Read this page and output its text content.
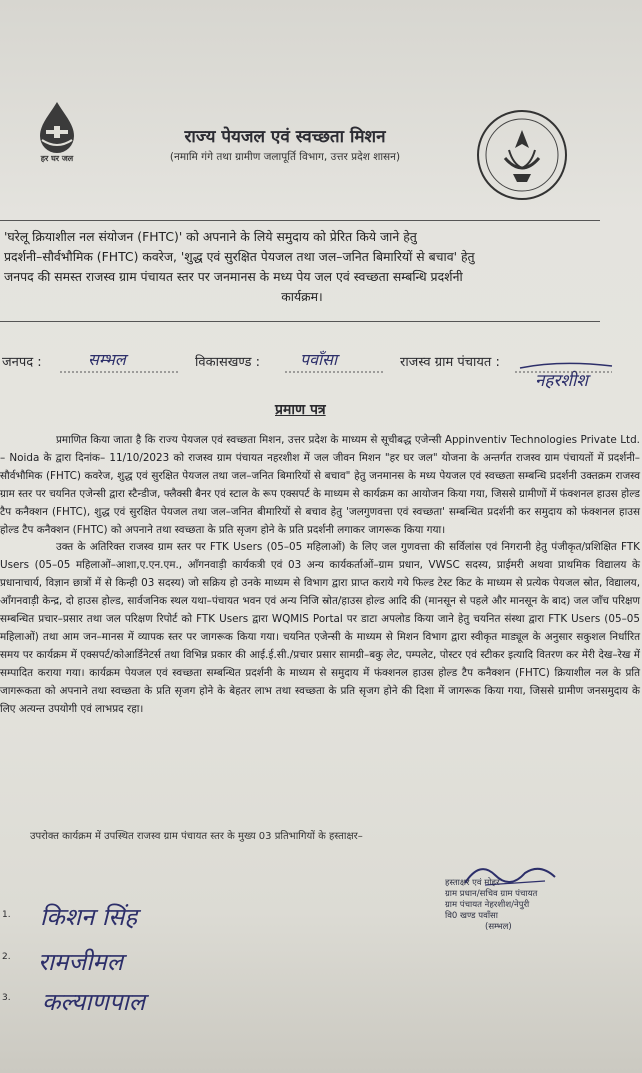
हर घर जल
राज्य पेयजल एवं स्वच्छता मिशन
(नमामि गंगे तथा ग्रामीण जलापूर्ति विभाग, उत्तर प्रदेश शासन)

'घरेलू क्रियाशील नल संयोजन (FHTC)' को अपनाने के लिये समुदाय को प्रेरित किये जाने हेतु

प्रदर्शनी–सौर्वभौमिक (FHTC) कवरेज, 'शुद्ध एवं सुरक्षित पेयजल तथा जल–जनित बिमारियों से बचाव' हेतु

जनपद की समस्त राजस्व ग्राम पंचायत स्तर पर जनमानस के मध्य पेय जल एवं स्वच्छता सम्बन्धि प्रदर्शनी

कार्यक्रम।

जनपद :	सम्भल	विकासखण्ड : पवाँसा	राजस्व ग्राम पंचायत :
नहरशीश
प्रमाण पत्र

प्रमाणित किया जाता है कि राज्य पेयजल एवं स्वच्छता मिशन, उत्तर प्रदेश के माध्यम से सूचीबद्ध एजेन्सी Appinventiv Technologies Private Ltd. – Noida के द्वारा दिनांक– 11/10/2023 को राजस्व ग्राम पंचायत नहरशीश में जल जीवन मिशन "हर घर जल" योजना के अन्तर्गत राजस्व ग्राम पंचायतों में प्रदर्शनी–सौर्वभौमिक (FHTC) कवरेज, शुद्ध एवं सुरक्षित पेयजल तथा जल–जनित बिमारियों से बचाव" हेतु जनमानस के मध्य पेयजल एवं स्वच्छता सम्बन्धि प्रदर्शनी उक्तक्रम राजस्व ग्राम स्तर पर चयनित एजेन्सी द्वारा स्टैन्डीज, फ्लैक्सी बैनर एवं स्टाल के रूप एक्सपर्ट के माध्यम से कार्यक्रम का आयोजन किया गया, जिससे ग्रामीणों में फंक्शनल हाउस होल्ड टैप कनैक्शन (FHTC), शुद्ध एवं सुरक्षित पेयजल तथा जल–जनित बीमारियों से बचाव हेतु 'जलगुणवत्ता एवं स्वच्छता' सम्बन्धित प्रदर्शनी कर समुदाय को फंक्शनल हाउस होल्ड टैप कनैक्शन (FHTC) को अपनाने तथा स्वच्छता के प्रति सृजग होने के प्रति प्रदर्शनी लगाकर जागरूक किया गया।

उक्त के अतिरिक्त राजस्व ग्राम स्तर पर FTK Users (05–05 महिलाओं) के लिए जल गुणवत्ता की सर्विलांस एवं निगरानी हेतु पंजीकृत/प्रशिक्षित FTK Users (05–05 महिलाओं–आशा,ए.एन.एम., आँगनवाड़ी कार्यकत्री एवं 03 अन्य कार्यकर्ताओं–ग्राम प्रधान, VWSC सदस्य, प्राईमरी अथवा प्राथमिक विद्यालय के प्रधानाचार्य, विज्ञान छात्रों में से किन्ही 03 सदस्य) जो सक्रिय हो उनके माध्यम से विभाग द्वारा प्राप्त कराये गये फिल्ड टेस्ट किट के माध्यम से प्रत्येक पेयजल स्रोत, विद्यालय, आँगनवाड़ी केन्द्र, दो हाउस होल्ड, सार्वजनिक स्थल यथा–पंचायत भवन एवं अन्य निजि स्रोत/हाउस होल्ड आदि की (मानसून से पहले और मानसून के बाद) जल जाँच परिक्षण सम्बन्धित प्रचार–प्रसार तथा जल परिक्षण रिपोर्ट को FTK Users द्वारा WQMIS Portal पर डाटा अपलोड किया जाने हेतु चयनित संस्था द्वारा FTK Users (05–05 महिलाओं) तथा आम जन–मानस में व्यापक स्तर पर जागरूक किया गया। चयनित एजेन्सी के माध्यम से मिशन विभाग द्वारा स्वीकृत माड्यूल के अनुसार सकुशल निर्धारित समय पर कार्यक्रम में एक्सपर्ट/कोआर्डिनेटर्स तथा विभिन्न प्रकार की आई.ई.सी./प्रचार प्रसार सामग्री–बकु लेट, पम्पलेट, पोस्टर एवं स्टीकर इत्यादि वितरण कर मेरी देख–रेख में सम्पादित कराया गया। कार्यक्रम पेयजल एवं स्वच्छता सम्बन्धित प्रदर्शनी के माध्यम से समुदाय में फंक्शनल हाउस होल्ड टैप कनैक्शन (FHTC) क्रियाशील नल के प्रति जागरूकता को अपनाने तथा स्वच्छता के प्रति सृजग होने के बेहतर लाभ तथा स्वच्छता के प्रति सृजग होने की दिशा में जागरूक किया गया, जिससे ग्रामीण जनसमुदाय के लिए अत्यन्त उपयोगी एवं लाभप्रद रहा।

उपरोक्त कार्यक्रम में उपस्थित राजस्व ग्राम पंचायत स्तर के मुख्य 03 प्रतिभागियों के हस्ताक्षर–
किशन सिंह
रामजीमल
कल्याणपाल
1.
2.
3.
हस्ताक्षर एवं मोहर
ग्राम प्रधान/सचिव ग्राम पंचायत
ग्राम पंचायत नेहरशीश/नेपुरी
वि0 खण्ड पवाँसा
(सम्भल)
